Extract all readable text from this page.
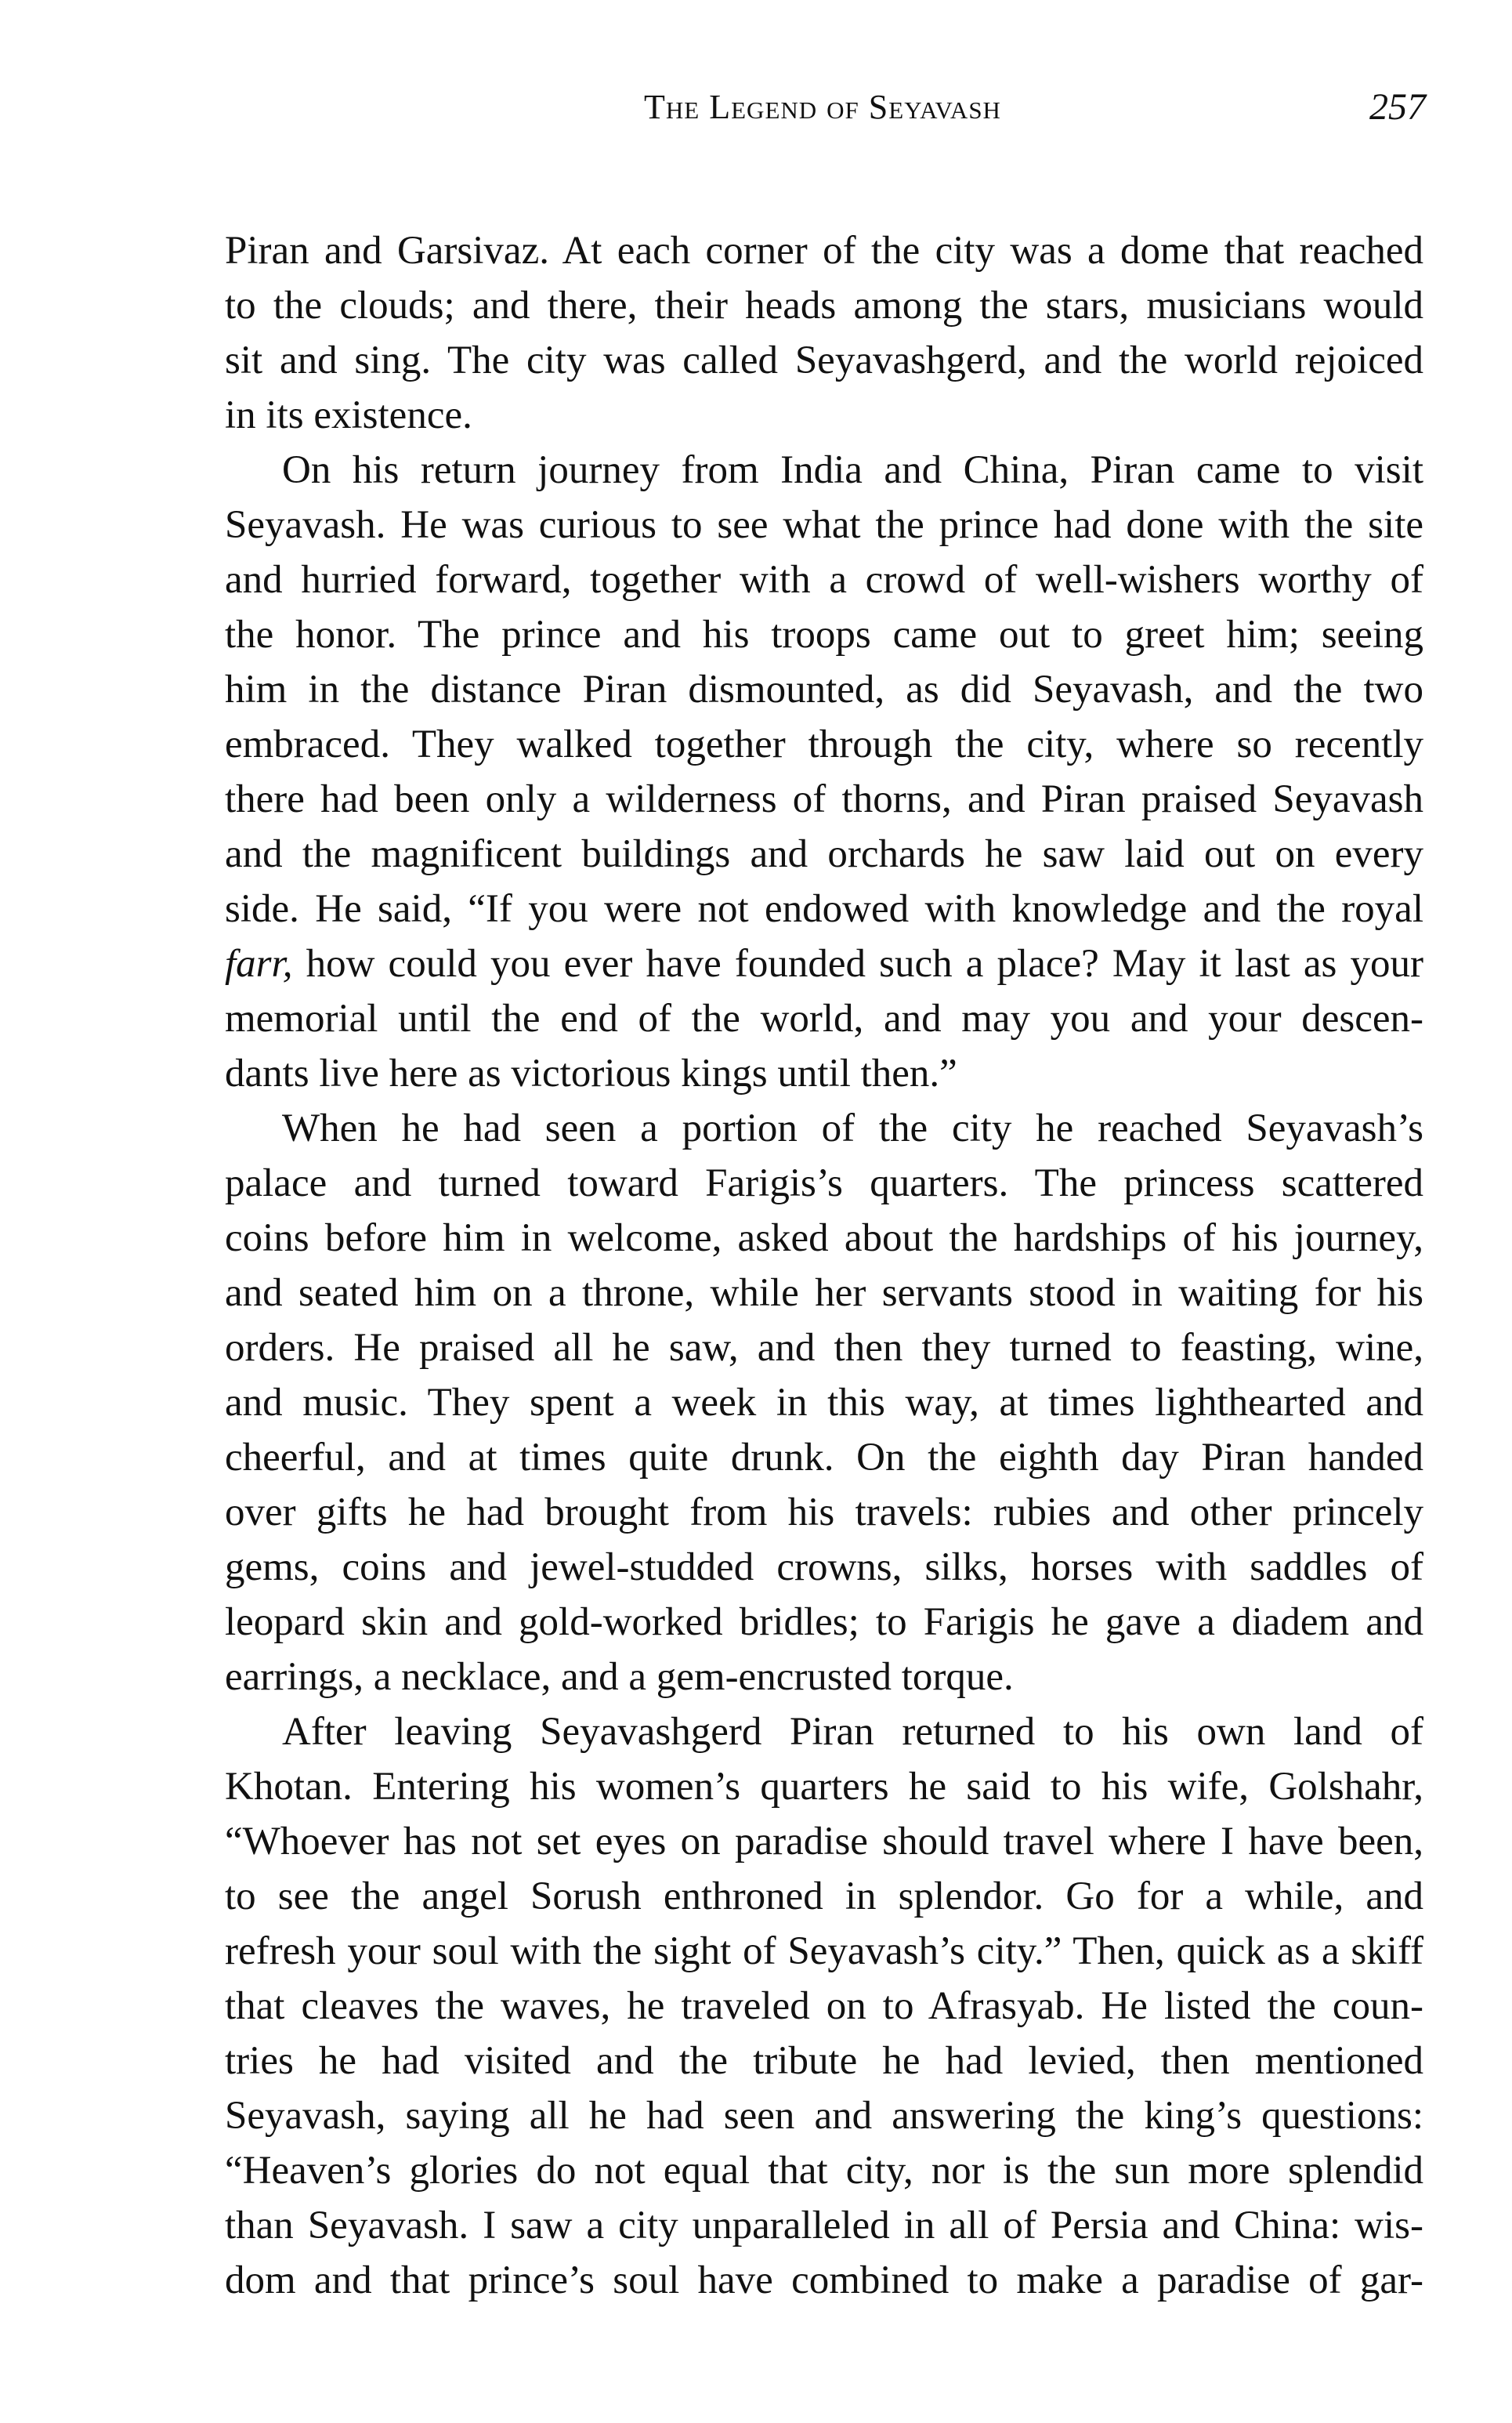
The Legend of Seyavash	257
Piran and Garsivaz. At each corner of the city was a dome that reached
to the clouds; and there, their heads among the stars, musicians would
sit and sing. The city was called Seyavashgerd, and the world rejoiced
in its existence.
On his return journey from India and China, Piran came to visit
Seyavash. He was curious to see what the prince had done with the site
and hurried forward, together with a crowd of well-wishers worthy of
the honor. The prince and his troops came out to greet him; seeing
him in the distance Piran dismounted, as did Seyavash, and the two
embraced. They walked together through the city, where so recently
there had been only a wilderness of thorns, and Piran praised Seyavash
and the magnificent buildings and orchards he saw laid out on every
side. He said, “If you were not endowed with knowledge and the royal
farr, how could you ever have founded such a place? May it last as your
memorial until the end of the world, and may you and your descen-
dants live here as victorious kings until then.”
When he had seen a portion of the city he reached Seyavash’s
palace and turned toward Farigis’s quarters. The princess scattered
coins before him in welcome, asked about the hardships of his journey,
and seated him on a throne, while her servants stood in waiting for his
orders. He praised all he saw, and then they turned to feasting, wine,
and music. They spent a week in this way, at times lighthearted and
cheerful, and at times quite drunk. On the eighth day Piran handed
over gifts he had brought from his travels: rubies and other princely
gems, coins and jewel-studded crowns, silks, horses with saddles of
leopard skin and gold-worked bridles; to Farigis he gave a diadem and
earrings, a necklace, and a gem-encrusted torque.
After leaving Seyavashgerd Piran returned to his own land of
Khotan. Entering his women’s quarters he said to his wife, Golshahr,
“Whoever has not set eyes on paradise should travel where I have been,
to see the angel Sorush enthroned in splendor. Go for a while, and
refresh your soul with the sight of Seyavash’s city.” Then, quick as a skiff
that cleaves the waves, he traveled on to Afrasyab. He listed the coun-
tries he had visited and the tribute he had levied, then mentioned
Seyavash, saying all he had seen and answering the king’s questions:
“Heaven’s glories do not equal that city, nor is the sun more splendid
than Seyavash. I saw a city unparalleled in all of Persia and China: wis-
dom and that prince’s soul have combined to make a paradise of gar-
